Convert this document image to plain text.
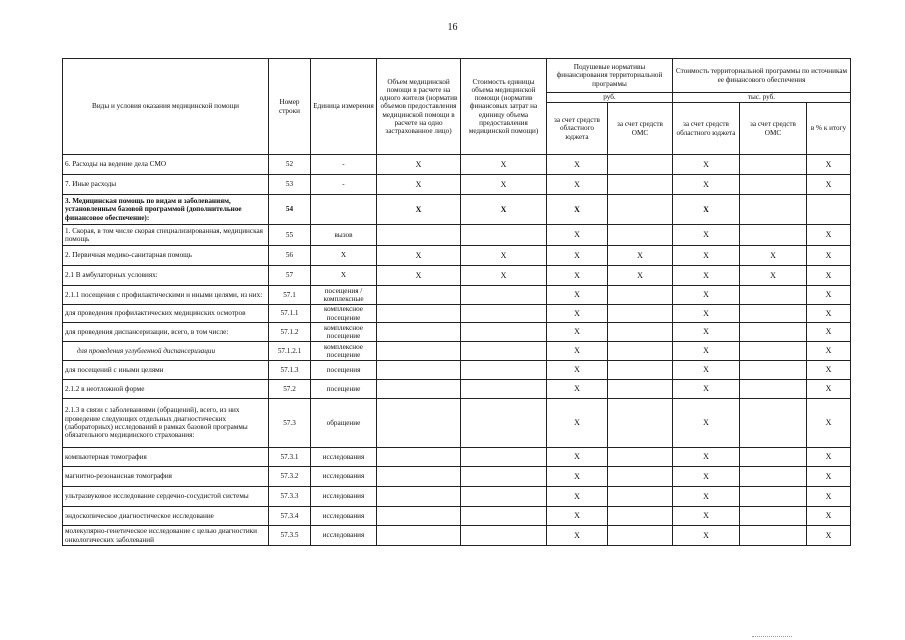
16
Виды и условия оказания медицинской помощи	Номер строки	Единица измерения	Объем медицинской помощи в расчете на одного жителя (норматив объемов предоставления медицинской помощи в расчете на одно застрахованное лицо)	Стоимость единицы объема медицинской помощи (норматив финансовых затрат на единицу объема предоставления медицинской помощи)	Подушевые нормативы финансирования территориальной программы		Стоимость территориальной программы по источникам ее финансового обеспечения		
					руб.		тыс. руб.		
					за счет средств областного юджета	за счет средств ОМС	за счет средств областного юджета	за счет средств ОМС	в % к итогу
6. Расходы на ведение дела СМО	52	-	Х	Х	Х		Х		Х
7. Иные расходы	53	-	Х	Х	Х		Х		Х
3. Медицинская помощь по видам и заболеваниям, установленным базовой программой (дополнительное финансовое обеспечение):	54		Х	Х	Х		Х		
1. Скорая, в том числе скорая специализированная, медицинская помощь	55	вызов			Х		Х		Х
2. Первичная медико-санитарная помощь	56	Х	Х	Х	Х	Х	Х	Х	Х
2.1 В амбулаторных условиях:	57	Х	Х	Х	Х	Х	Х	Х	Х
2.1.1 посещения с профилактическими и иными целями, из них:	57.1	посещения / комплексные			Х		Х		Х
для проведения профилактических медицинских осмотров	57.1.1	комплексное посещение			Х		Х		Х
для проведения диспансеризации, всего, в том числе:	57.1.2	комплексное посещение			Х		Х		Х
для проведения углубленной диспансеризации	57.1.2.1	комплексное посещение			Х		Х		Х
для посещений с иными целями	57.1.3	посещения			Х		Х		Х
2.1.2 в неотложной форме	57.2	посещение			Х		Х		Х
2.1.3 в связи с заболеваниями (обращений), всего, из них проведение следующих отдельных диагностических (лабораторных) исследований в рамках базовой программы обязательного медицинского страхования:	57.3	обращение			Х		Х		Х
компьютерная томография	57.3.1	исследования			Х		Х		Х
магнитно-резонансная томография	57.3.2	исследования			Х		Х		Х
ультразвуковое исследование сердечно-сосудистой системы	57.3.3	исследования			Х		Х		Х
эндоскопическое диагностическое исследование	57.3.4	исследования			Х		Х		Х
молекулярно-генетическое исследование с целью диагностики онкологических заболеваний	57.3.5	исследования			Х		Х		Х
